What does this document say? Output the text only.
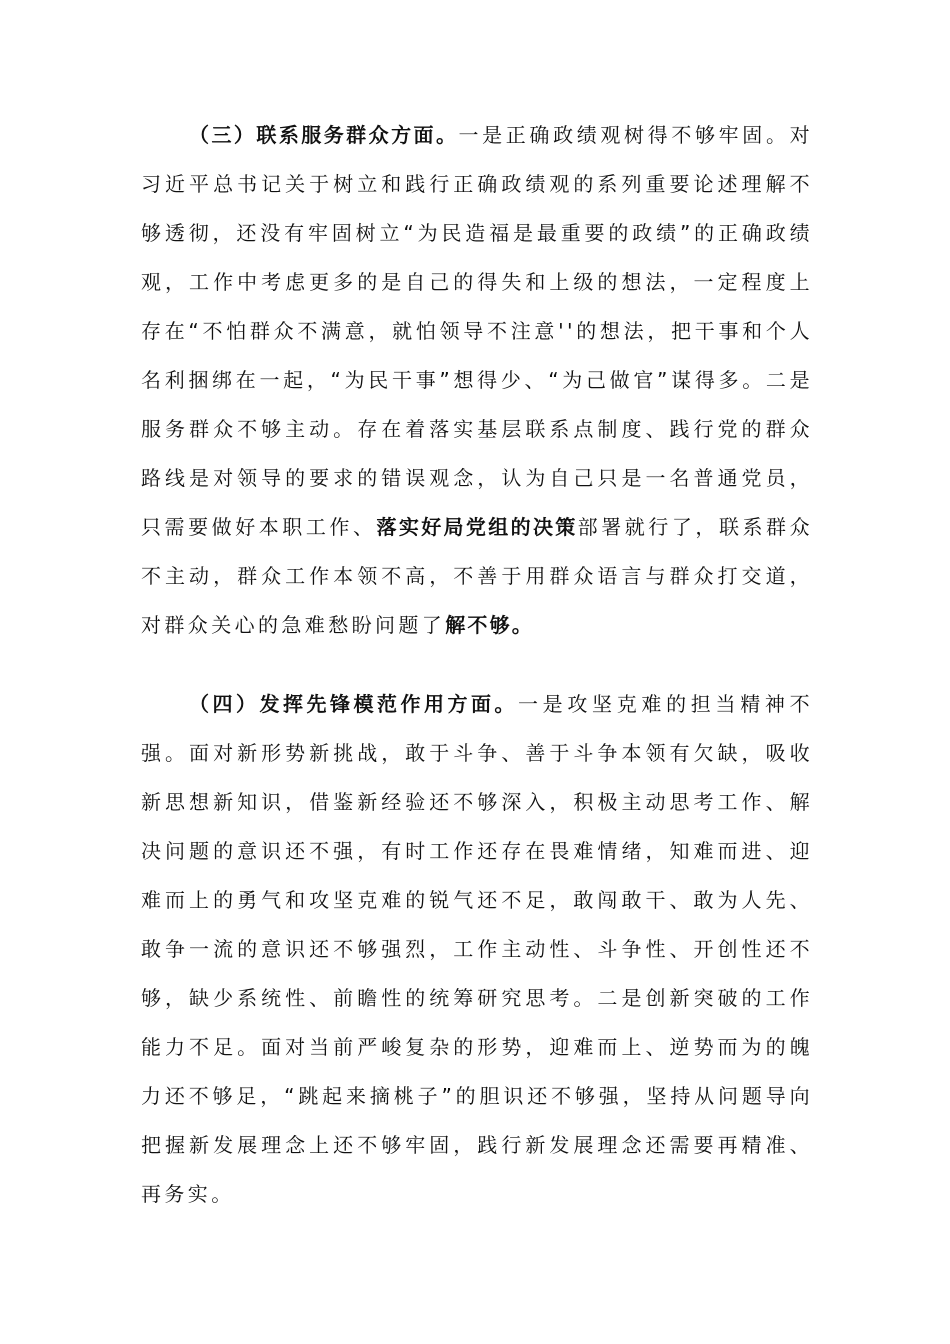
（三）联系服务群众方面。一是正确政绩观树得不够牢固。对习近平总书记关于树立和践行正确政绩观的系列重要论述理解不够透彻，还没有牢固树立“为民造福是最重要的政绩”的正确政绩观，工作中考虑更多的是自己的得失和上级的想法，一定程度上存在“不怕群众不满意，就怕领导不注意''的想法，把干事和个人名利捆绑在一起，“为民干事”想得少、“为己做官”谋得多。二是服务群众不够主动。存在着落实基层联系点制度、践行党的群众路线是对领导的要求的错误观念，认为自己只是一名普通党员，只需要做好本职工作、落实好局党组的决策部署就行了，联系群众不主动，群众工作本领不高，不善于用群众语言与群众打交道，对群众关心的急难愁盼问题了解不够。

（四）发挥先锋模范作用方面。一是攻坚克难的担当精神不强。面对新形势新挑战，敢于斗争、善于斗争本领有欠缺，吸收新思想新知识，借鉴新经验还不够深入，积极主动思考工作、解决问题的意识还不强，有时工作还存在畏难情绪，知难而进、迎难而上的勇气和攻坚克难的锐气还不足，敢闯敢干、敢为人先、敢争一流的意识还不够强烈，工作主动性、斗争性、开创性还不够，缺少系统性、前瞻性的统筹研究思考。二是创新突破的工作能力不足。面对当前严峻复杂的形势，迎难而上、逆势而为的魄力还不够足，“跳起来摘桃子”的胆识还不够强，坚持从问题导向把握新发展理念上还不够牢固，践行新发展理念还需要再精准、再务实。
